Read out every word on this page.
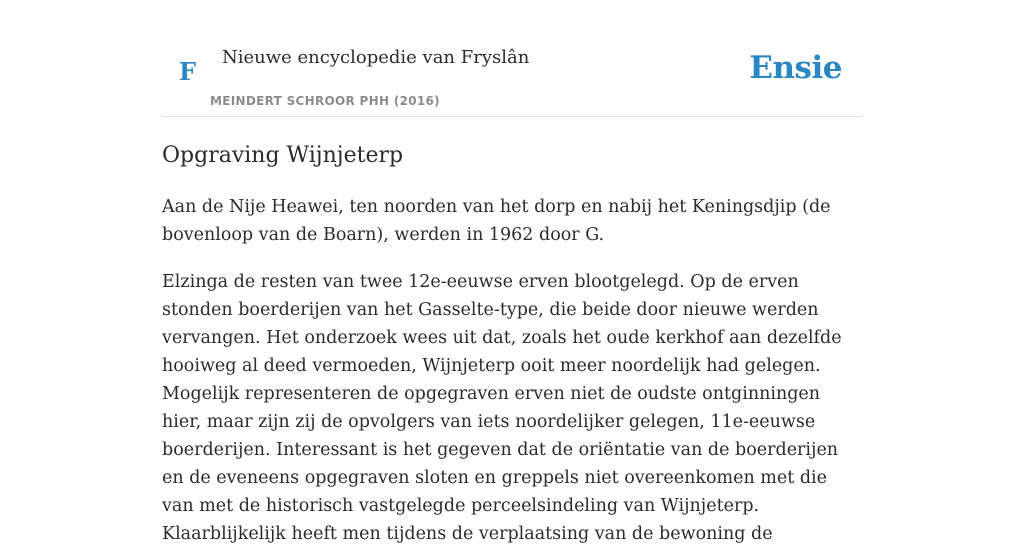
F Nieuwe encyclopedie van Fryslân
MEINDERT SCHROOR PHH (2016)
Ensie
Opgraving Wijnjeterp

Aan de Nije Heawei, ten noorden van het dorp en nabij het Keningsdjip (de bovenloop van de Boarn), werden in 1962 door G.

Elzinga de resten van twee 12e-eeuwse erven blootgelegd. Op de erven stonden boerderijen van het Gasselte-type, die beide door nieuwe werden vervangen. Het onderzoek wees uit dat, zoals het oude kerkhof aan dezelfde hooiweg al deed vermoeden, Wijnjeterp ooit meer noordelijk had gelegen. Mogelijk representeren de opgegraven erven niet de oudste ontginningen hier, maar zijn zij de opvolgers van iets noordelijker gelegen, 11e-eeuwse boerderijen. Interessant is het gegeven dat de oriëntatie van de boerderijen en de eveneens opgegraven sloten en greppels niet overeenkomen met die van met de historisch vastgelegde perceelsindeling van Wijnjeterp. Klaarblijkelijk heeft men tijdens de verplaatsing van de bewoning de
